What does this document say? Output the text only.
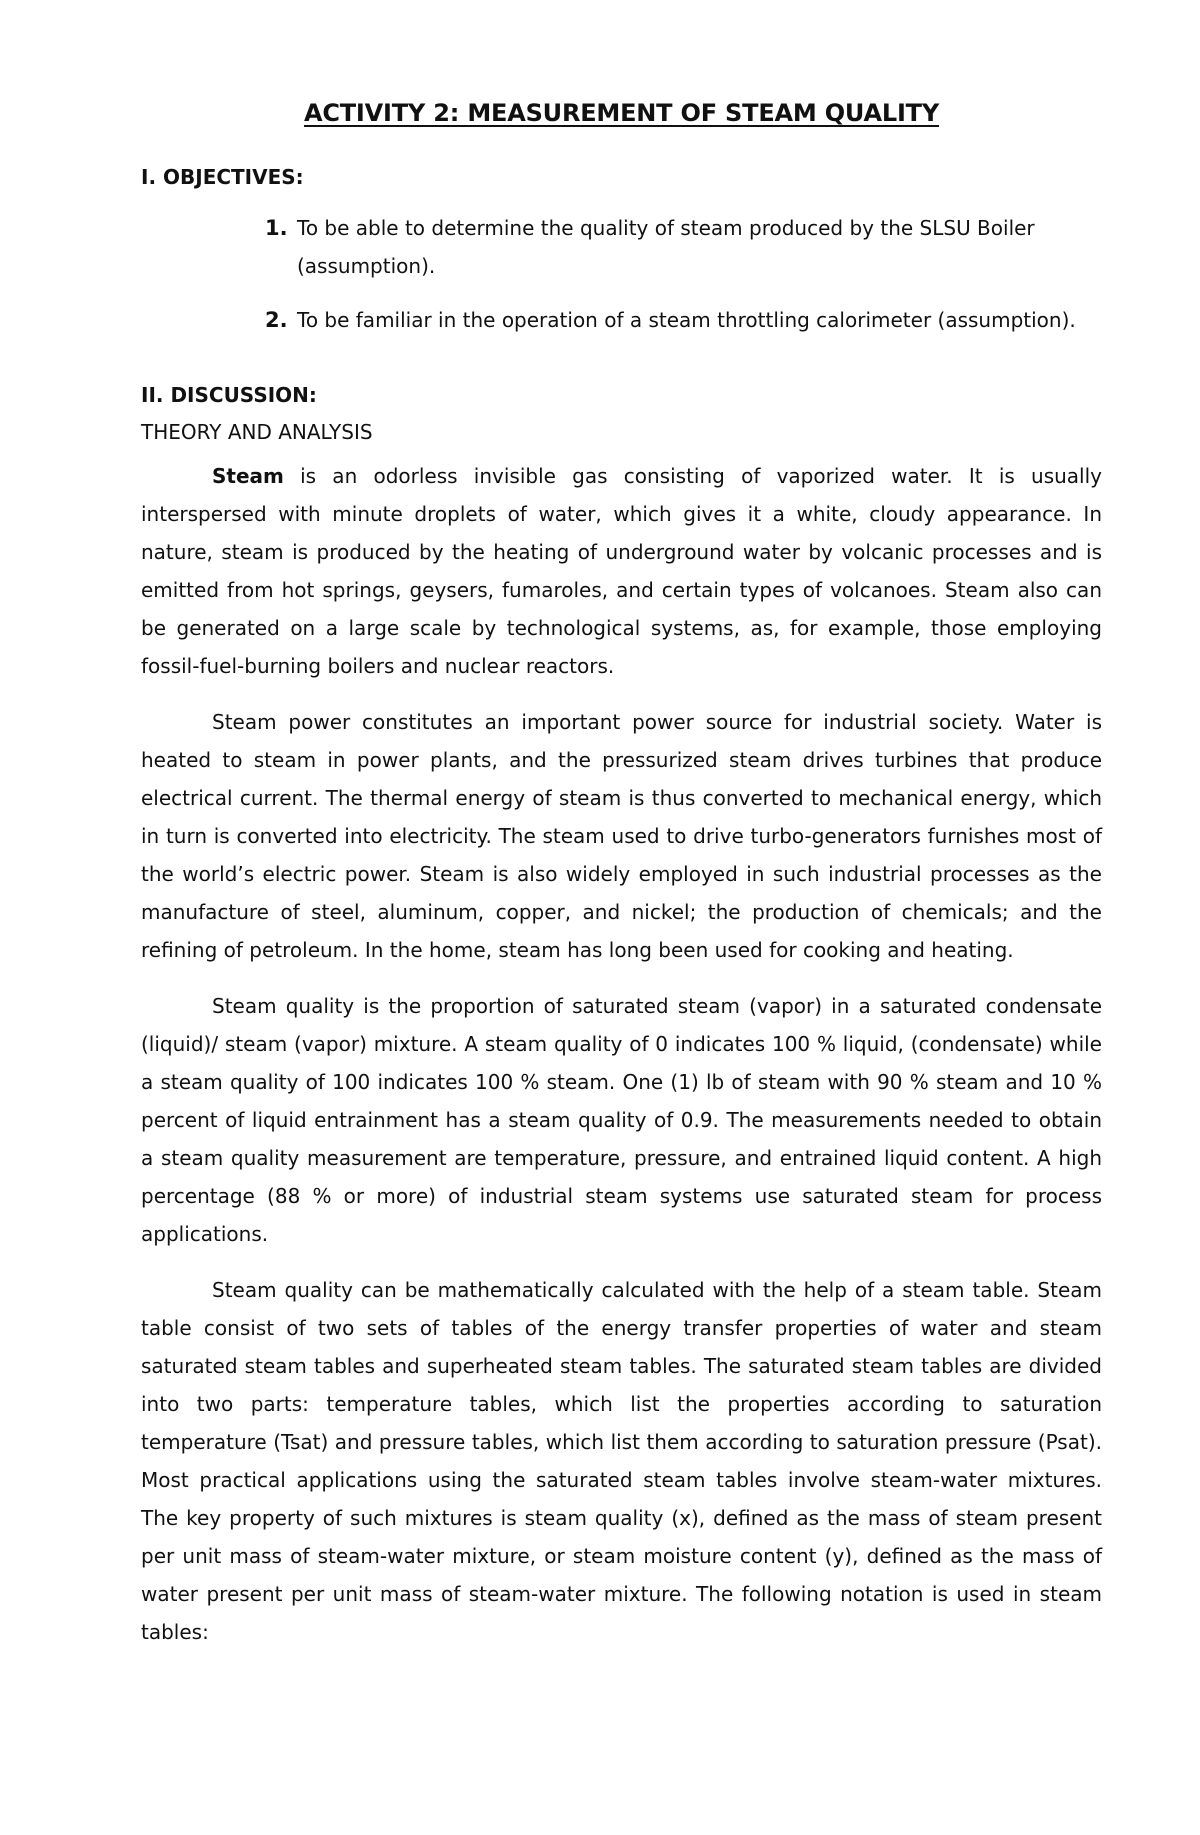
ACTIVITY 2: MEASUREMENT OF STEAM QUALITY
I. OBJECTIVES:
1. To be able to determine the quality of steam produced by the SLSU Boiler (assumption).
2. To be familiar in the operation of a steam throttling calorimeter (assumption).
II. DISCUSSION:
THEORY AND ANALYSIS

Steam is an odorless invisible gas consisting of vaporized water. It is usually interspersed with minute droplets of water, which gives it a white, cloudy appearance. In nature, steam is produced by the heating of underground water by volcanic processes and is emitted from hot springs, geysers, fumaroles, and certain types of volcanoes. Steam also can be generated on a large scale by technological systems, as, for example, those employing fossil-fuel-burning boilers and nuclear reactors.

Steam power constitutes an important power source for industrial society. Water is heated to steam in power plants, and the pressurized steam drives turbines that produce electrical current. The thermal energy of steam is thus converted to mechanical energy, which in turn is converted into electricity. The steam used to drive turbo-generators furnishes most of the world’s electric power. Steam is also widely employed in such industrial processes as the manufacture of steel, aluminum, copper, and nickel; the production of chemicals; and the refining of petroleum. In the home, steam has long been used for cooking and heating.

Steam quality is the proportion of saturated steam (vapor) in a saturated condensate (liquid)/ steam (vapor) mixture. A steam quality of 0 indicates 100 % liquid, (condensate) while a steam quality of 100 indicates 100 % steam. One (1) lb of steam with 90 % steam and 10 % percent of liquid entrainment has a steam quality of 0.9. The measurements needed to obtain a steam quality measurement are temperature, pressure, and entrained liquid content. A high percentage (88 % or more) of industrial steam systems use saturated steam for process applications.

Steam quality can be mathematically calculated with the help of a steam table. Steam table consist of two sets of tables of the energy transfer properties of water and steam saturated steam tables and superheated steam tables. The saturated steam tables are divided into two parts: temperature tables, which list the properties according to saturation temperature (Tsat) and pressure tables, which list them according to saturation pressure (Psat). Most practical applications using the saturated steam tables involve steam-water mixtures. The key property of such mixtures is steam quality (x), defined as the mass of steam present per unit mass of steam-water mixture, or steam moisture content (y), defined as the mass of water present per unit mass of steam-water mixture. The following notation is used in steam tables:
